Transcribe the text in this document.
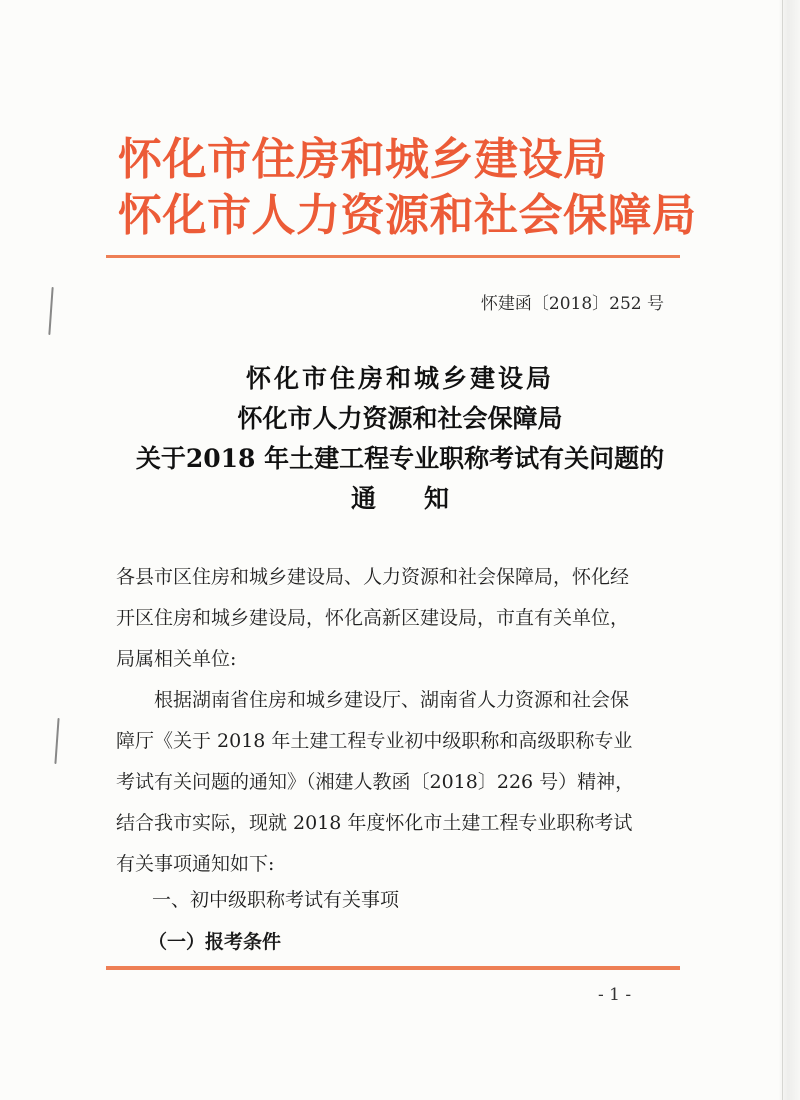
怀化市住房和城乡建设局
怀化市人力资源和社会保障局
怀建函〔2018〕252 号
怀化市住房和城乡建设局
怀化市人力资源和社会保障局
关于2018 年土建工程专业职称考试有关问题的
通知
各县市区住房和城乡建设局、人力资源和社会保障局，怀化经
开区住房和城乡建设局，怀化高新区建设局，市直有关单位，
局属相关单位:
　　根据湖南省住房和城乡建设厅、湖南省人力资源和社会保
障厅《关于 2018 年土建工程专业初中级职称和高级职称专业
考试有关问题的通知》（湘建人教函〔2018〕226 号）精神，
结合我市实际，现就 2018 年度怀化市土建工程专业职称考试
有关事项通知如下:
一、初中级职称考试有关事项
（一）报考条件
- 1 -
